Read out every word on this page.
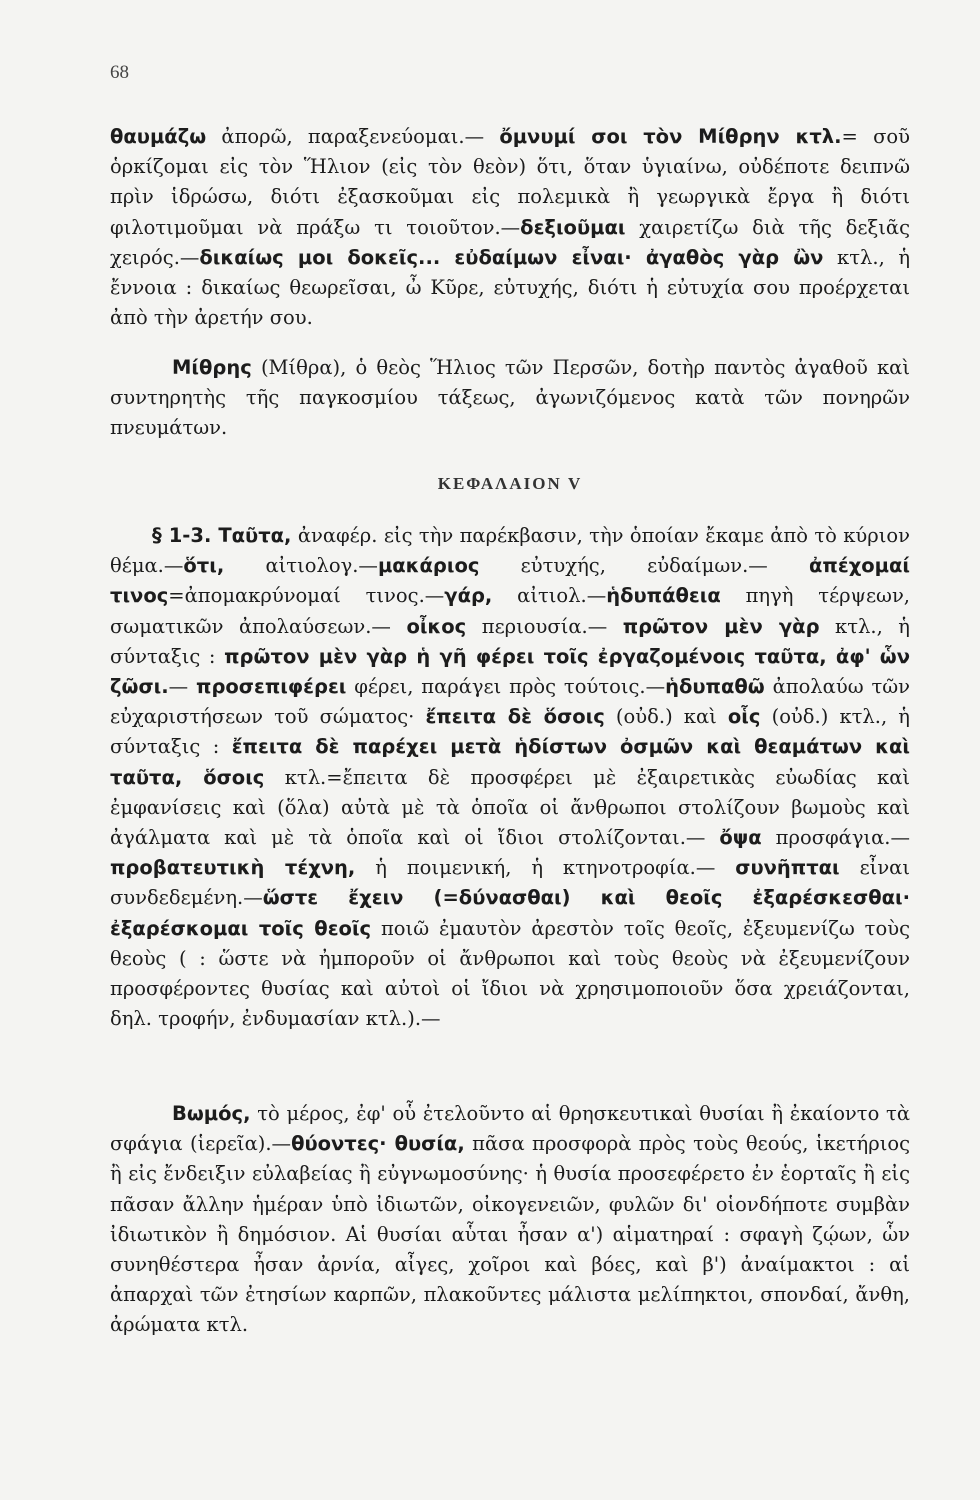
68
θαυμάζω ἀπορῶ, παραξενεύομαι.— ὄμνυμί σοι τὸν Μίθρην κτλ.= σοῦ ὁρκίζομαι εἰς τὸν Ἥλιον (εἰς τὸν θεὸν) ὅτι, ὅταν ὑγιαίνω, οὐδέποτε δειπνῶ πρὶν ἱδρώσω, διότι ἐξασκοῦμαι εἰς πολεμικὰ ἢ γεωργικὰ ἔργα ἢ διότι φιλοτιμοῦμαι νὰ πράξω τι τοιοῦτον.—δεξιοῦμαι χαιρετίζω διὰ τῆς δεξιᾶς χειρός.—δικαίως μοι δοκεῖς... εὐδαίμων εἶναι· ἀγαθὸς γὰρ ὢν κτλ., ἡ ἔννοια : δικαίως θεωρεῖσαι, ὦ Κῦρε, εὐτυχής, διότι ἡ εὐτυχία σου προέρχεται ἀπὸ τὴν ἀρετήν σου.
Μίθρης (Μίθρα), ὁ θεὸς Ἥλιος τῶν Περσῶν, δοτὴρ παντὸς ἀγαθοῦ καὶ συντηρητὴς τῆς παγκοσμίου τάξεως, ἀγωνιζόμενος κατὰ τῶν πονηρῶν πνευμάτων.
ΚΕΦΑΛΑΙΟΝ V
§ 1-3. Ταῦτα, ἀναφέρ. εἰς τὴν παρέκβασιν, τὴν ὁποίαν ἔκαμε ἀπὸ τὸ κύριον θέμα.—ὅτι, αἰτιολογ.—μακάριος εὐτυχής, εὐδαίμων.— ἀπέχομαί τινος=ἀπομακρύνομαί τινος.—γάρ, αἰτιολ.—ἡδυπάθεια πηγὴ τέρψεων, σωματικῶν ἀπολαύσεων.— οἶκος περιουσία.— πρῶτον μὲν γὰρ κτλ., ἡ σύνταξις : πρῶτον μὲν γὰρ ἡ γῆ φέρει τοῖς ἐργαζομένοις ταῦτα, ἀφ' ὧν ζῶσι.— προσεπιφέρει φέρει, παράγει πρὸς τούτοις.—ἡδυπαθῶ ἀπολαύω τῶν εὐχαριστήσεων τοῦ σώματος· ἔπειτα δὲ ὅσοις (οὐδ.) καὶ οἷς (οὐδ.) κτλ., ἡ σύνταξις : ἔπειτα δὲ παρέχει μετὰ ἡδίστων ὀσμῶν καὶ θεαμάτων καὶ ταῦτα, ὅσοις κτλ.=ἔπειτα δὲ προσφέρει μὲ ἐξαιρετικὰς εὐωδίας καὶ ἐμφανίσεις καὶ (ὅλα) αὐτὰ μὲ τὰ ὁποῖα οἱ ἄνθρωποι στολίζουν βωμοὺς καὶ ἀγάλματα καὶ μὲ τὰ ὁποῖα καὶ οἱ ἴδιοι στολίζονται.— ὄψα προσφάγια.— προβατευτικὴ τέχνη, ἡ ποιμενική, ἡ κτηνοτροφία.— συνῆπται εἶναι συνδεδεμένη.—ὥστε ἔχειν (=δύνασθαι) καὶ θεοῖς ἐξαρέσκεσθαι· ἐξαρέσκομαι τοῖς θεοῖς ποιῶ ἐμαυτὸν ἀρεστὸν τοῖς θεοῖς, ἐξευμενίζω τοὺς θεοὺς ( : ὥστε νὰ ἠμποροῦν οἱ ἄνθρωποι καὶ τοὺς θεοὺς νὰ ἐξευμενίζουν προσφέροντες θυσίας καὶ αὐτοὶ οἱ ἴδιοι νὰ χρησιμοποιοῦν ὅσα χρειάζονται, δηλ. τροφήν, ἐνδυμασίαν κτλ.).—
Βωμός, τὸ μέρος, ἐφ' οὗ ἐτελοῦντο αἱ θρησκευτικαὶ θυσίαι ἢ ἐκαίοντο τὰ σφάγια (ἱερεῖα).—θύοντες· θυσία, πᾶσα προσφορὰ πρὸς τοὺς θεούς, ἱκετήριος ἢ εἰς ἔνδειξιν εὐλαβείας ἢ εὐγνωμοσύνης· ἡ θυσία προσεφέρετο ἐν ἑορταῖς ἢ εἰς πᾶσαν ἄλλην ἡμέραν ὑπὸ ἰδιωτῶν, οἰκογενειῶν, φυλῶν δι' οἱονδήποτε συμβὰν ἰδιωτικὸν ἢ δημόσιον. Αἱ θυσίαι αὗται ἦσαν α') αἱματηραί : σφαγὴ ζῴων, ὧν συνηθέστερα ἦσαν ἀρνία, αἶγες, χοῖροι καὶ βόες, καὶ β') ἀναίμακτοι : αἱ ἀπαρχαὶ τῶν ἐτησίων καρπῶν, πλακοῦντες μάλιστα μελίπηκτοι, σπονδαί, ἄνθη, ἀρώματα κτλ.
